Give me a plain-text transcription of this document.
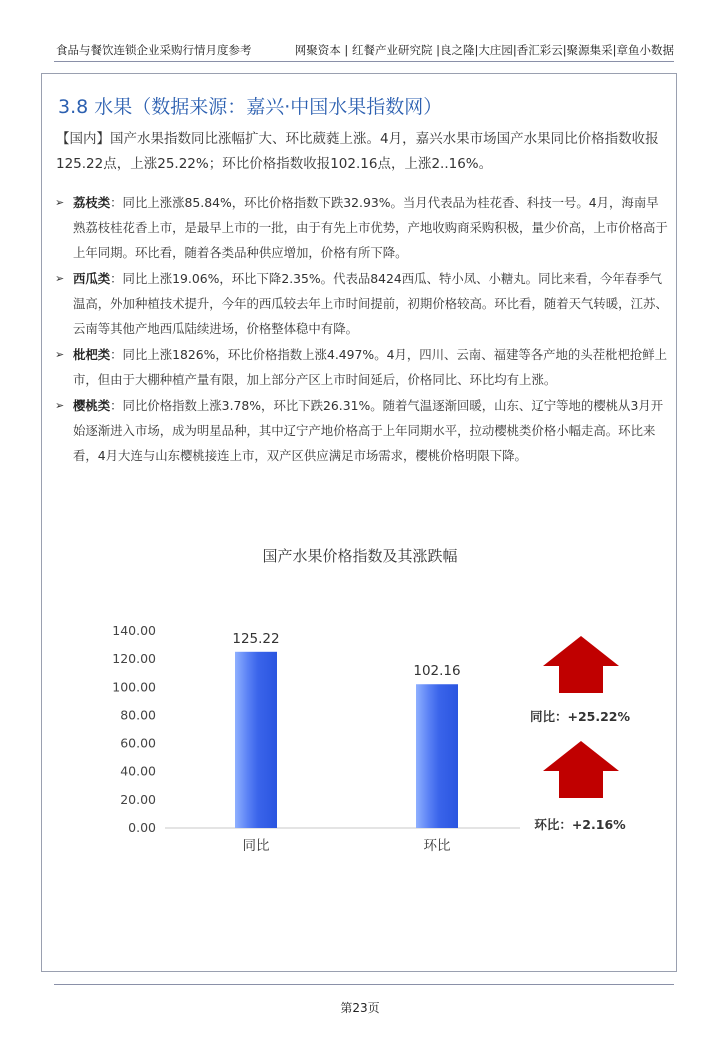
食品与餐饮连锁企业采购行情月度参考	网聚资本 | 红餐产业研究院 |良之隆|大庄园|香汇彩云|聚源集采|章鱼小数据
3.8 水果（数据来源：嘉兴·中国水果指数网）
【国内】国产水果指数同比涨幅扩大、环比葳蕤上涨。4月，嘉兴水果市场国产水果同比价格指数收报125.22点，上涨25.22%；环比价格指数收报102.16点，上涨2..16%。
➢ 荔枝类：同比上涨涨85.84%，环比价格指数下跌32.93%。当月代表品为桂花香、科技一号。4月，海南早熟荔枝桂花香上市，是最早上市的一批，由于有先上市优势，产地收购商采购积极，量少价高，上市价格高于上年同期。环比看，随着各类品种供应增加，价格有所下降。
➢ 西瓜类：同比上涨19.06%，环比下降2.35%。代表品8424西瓜、特小凤、小糖丸。同比来看，今年春季气温高，外加种植技术提升，今年的西瓜较去年上市时间提前，初期价格较高。环比看，随着天气转暖，江苏、云南等其他产地西瓜陆续进场，价格整体稳中有降。
➢ 枇杷类：同比上涨1826%，环比价格指数上涨4.497%。4月，四川、云南、福建等各产地的头茬枇杷抢鲜上市，但由于大棚种植产量有限，加上部分产区上市时间延后，价格同比、环比均有上涨。
➢ 樱桃类：同比价格指数上涨3.78%，环比下跌26.31%。随着气温逐渐回暖，山东、辽宁等地的樱桃从3月开始逐渐进入市场，成为明星品种，其中辽宁产地价格高于上年同期水平，拉动樱桃类价格小幅走高。环比来看，4月大连与山东樱桃接连上市，双产区供应满足市场需求，樱桃价格明限下降。
国产水果价格指数及其涨跌幅
0.00
20.00
40.00
60.00
80.00
100.00
120.00
140.00
125.22
同比
102.16
环比
同比：+25.22%
环比：+2.16%
第23页
